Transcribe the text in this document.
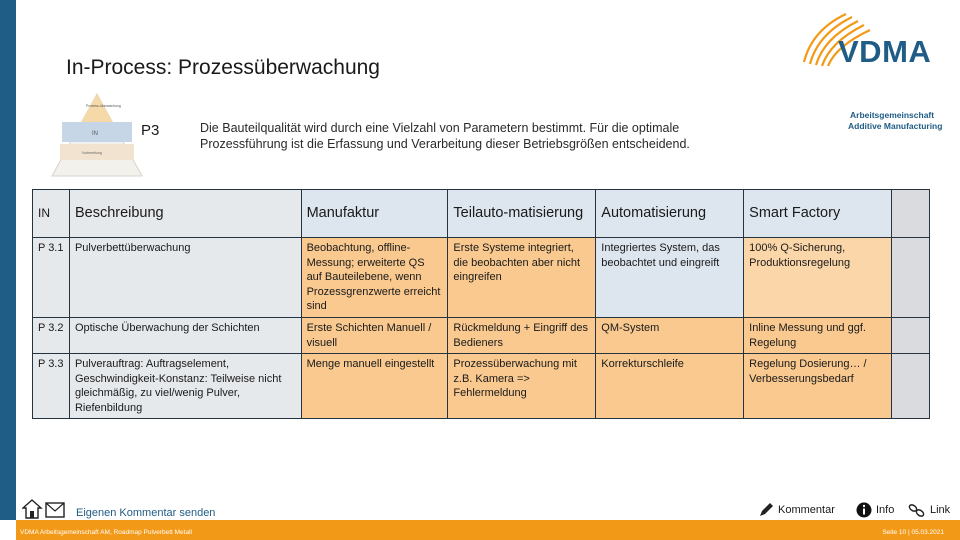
In-Process: Prozessüberwachung	VDMA
Arbeitsgemeinschaft
Additive Manufacturing
IN
Prozess-überwachung
Vorbereitung
P3	Die Bauteilqualität wird durch eine Vielzahl von Parametern bestimmt. Für die optimale Prozessführung ist die Erfassung und Verarbeitung dieser Betriebsgrößen entscheidend.
IN	Beschreibung	Manufaktur	Teilauto-matisierung	Automatisierung	Smart Factory	
P 3.1	Pulverbettüberwachung	Beobachtung, offline-Messung; erweiterte QS auf Bauteilebene, wenn Prozessgrenzwerte erreicht sind	Erste Systeme integriert, die beobachten aber nicht eingreifen	Integriertes System, das beobachtet und eingreift	100% Q-Sicherung, Produktionsregelung	
P 3.2	Optische Überwachung der Schichten	Erste Schichten Manuell / visuell	Rückmeldung + Eingriff des Bedieners	QM-System	Inline Messung und ggf. Regelung	
P 3.3	Pulverauftrag: Auftragselement, Geschwindigkeit-Konstanz: Teilweise nicht gleichmäßig, zu viel/wenig Pulver, Riefenbildung	Menge manuell eingestellt	Prozessüberwachung mit z.B. Kamera => Fehlermeldung	Korrekturschleife	Regelung Dosierung… / Verbesserungsbedarf	
Eigenen Kommentar senden	Kommentar	Info	Link
VDMA Arbeitsgemeinschaft AM, Roadmap Pulverbett Metall	Seite 10 | 05.03.2021
